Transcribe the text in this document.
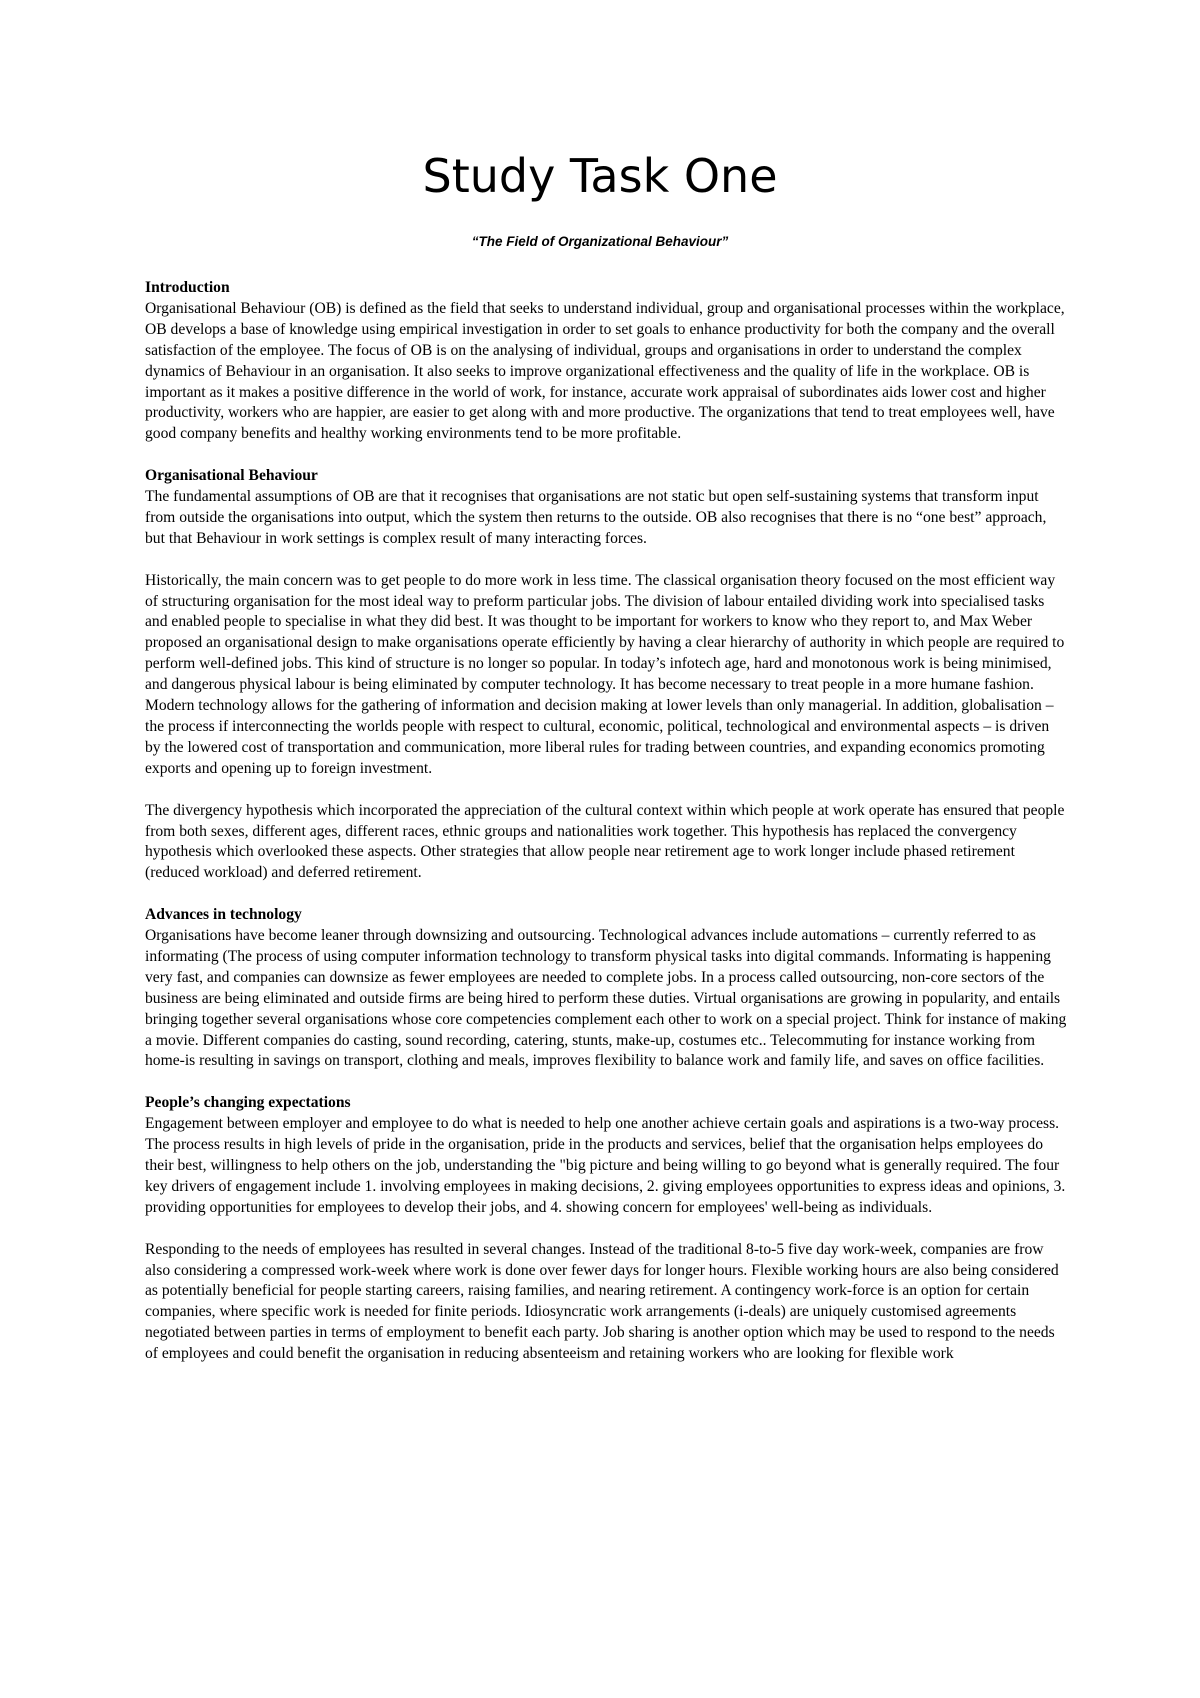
Study Task One
“The Field of Organizational Behaviour”
Introduction

Organisational Behaviour (OB) is defined as the field that seeks to understand individual, group and organisational processes within the workplace, OB develops a base of knowledge using empirical investigation in order to set goals to enhance productivity for both the company and the overall satisfaction of the employee. The focus of OB is on the analysing of individual, groups and organisations in order to understand the complex dynamics of Behaviour in an organisation. It also seeks to improve organizational effectiveness and the quality of life in the workplace. OB is important as it makes a positive difference in the world of work, for instance, accurate work appraisal of subordinates aids lower cost and higher productivity, workers who are happier, are easier to get along with and more productive. The organizations that tend to treat employees well, have good company benefits and healthy working environments tend to be more profitable.

Organisational Behaviour

The fundamental assumptions of OB are that it recognises that organisations are not static but open self-sustaining systems that transform input from outside the organisations into output, which the system then returns to the outside. OB also recognises that there is no “one best” approach, but that Behaviour in work settings is complex result of many interacting forces.

Historically, the main concern was to get people to do more work in less time. The classical organisation theory focused on the most efficient way of structuring organisation for the most ideal way to preform particular jobs. The division of labour entailed dividing work into specialised tasks and enabled people to specialise in what they did best. It was thought to be important for workers to know who they report to, and Max Weber proposed an organisational design to make organisations operate efficiently by having a clear hierarchy of authority in which people are required to perform well-defined jobs. This kind of structure is no longer so popular. In today’s infotech age, hard and monotonous work is being minimised, and dangerous physical labour is being eliminated by computer technology. It has become necessary to treat people in a more humane fashion. Modern technology allows for the gathering of information and decision making at lower levels than only managerial. In addition, globalisation – the process if interconnecting the worlds people with respect to cultural, economic, political, technological and environmental aspects – is driven by the lowered cost of transportation and communication, more liberal rules for trading between countries, and expanding economics promoting exports and opening up to foreign investment.

The divergency hypothesis which incorporated the appreciation of the cultural context within which people at work operate has ensured that people from both sexes, different ages, different races, ethnic groups and nationalities work together. This hypothesis has replaced the convergency hypothesis which overlooked these aspects. Other strategies that allow people near retirement age to work longer include phased retirement (reduced workload) and deferred retirement.

Advances in technology

Organisations have become leaner through downsizing and outsourcing. Technological advances include automations – currently referred to as informating (The process of using computer information technology to transform physical tasks into digital commands. Informating is happening very fast, and companies can downsize as fewer employees are needed to complete jobs. In a process called outsourcing, non-core sectors of the business are being eliminated and outside firms are being hired to perform these duties. Virtual organisations are growing in popularity, and entails bringing together several organisations whose core competencies complement each other to work on a special project. Think for instance of making a movie. Different companies do casting, sound recording, catering, stunts, make-up, costumes etc.. Telecommuting for instance working from home-is resulting in savings on transport, clothing and meals, improves flexibility to balance work and family life, and saves on office facilities.

People’s changing expectations

Engagement between employer and employee to do what is needed to help one another achieve certain goals and aspirations is a two-way process. The process results in high levels of pride in the organisation, pride in the products and services, belief that the organisation helps employees do their best, willingness to help others on the job, understanding the "big picture and being willing to go beyond what is generally required. The four key drivers of engagement include 1. involving employees in making decisions, 2. giving employees opportunities to express ideas and opinions, 3. providing opportunities for employees to develop their jobs, and 4. showing concern for employees' well-being as individuals.

Responding to the needs of employees has resulted in several changes. Instead of the traditional 8-to-5 five day work-week, companies are frow also considering a compressed work-week where work is done over fewer days for longer hours. Flexible working hours are also being considered as potentially beneficial for people starting careers, raising families, and nearing retirement. A contingency work-force is an option for certain companies, where specific work is needed for finite periods. Idiosyncratic work arrangements (i-deals) are uniquely customised agreements negotiated between parties in terms of employment to benefit each party. Job sharing is another option which may be used to respond to the needs of employees and could benefit the organisation in reducing absenteeism and retaining workers who are looking for flexible work
